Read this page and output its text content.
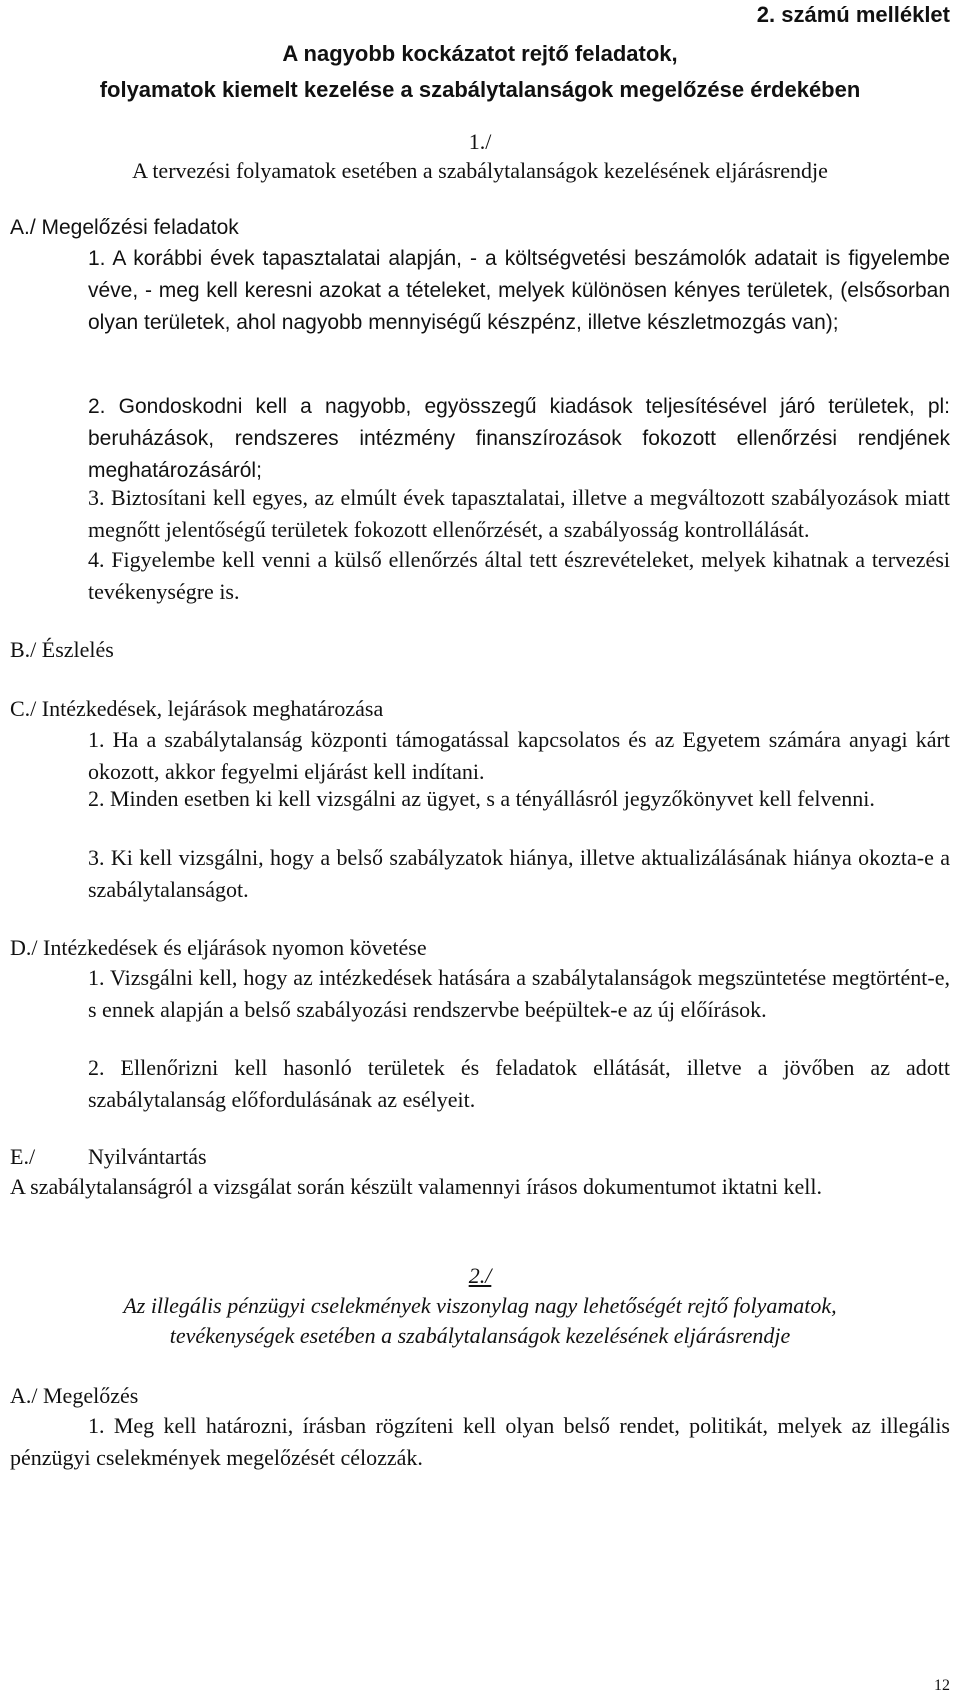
2. számú melléklet
A nagyobb kockázatot rejtő feladatok,
folyamatok kiemelt kezelése a szabálytalanságok megelőzése érdekében
1./
A tervezési folyamatok esetében a szabálytalanságok kezelésének eljárásrendje
A./ Megelőzési feladatok
1. A korábbi évek tapasztalatai alapján, - a költségvetési beszámolók adatait is figyelembe véve, - meg kell keresni azokat a tételeket, melyek különösen kényes területek, (elsősorban olyan területek, ahol nagyobb mennyiségű készpénz, illetve készletmozgás van);
2. Gondoskodni kell a nagyobb, egyösszegű kiadások teljesítésével járó területek, pl: beruházások, rendszeres intézmény finanszírozások fokozott ellenőrzési rendjének meghatározásáról;
3. Biztosítani kell egyes, az elmúlt évek tapasztalatai, illetve a megváltozott szabályozások miatt megnőtt jelentőségű területek fokozott ellenőrzését, a szabályosság kontrollálását.
4. Figyelembe kell venni a külső ellenőrzés által tett észrevételeket, melyek kihatnak a tervezési tevékenységre is.
B./ Észlelés
C./ Intézkedések, lejárások meghatározása
1. Ha a szabálytalanság központi támogatással kapcsolatos és az Egyetem számára anyagi kárt okozott, akkor fegyelmi eljárást kell indítani.
2. Minden esetben ki kell vizsgálni az ügyet, s a tényállásról jegyzőkönyvet kell felvenni.
3. Ki kell vizsgálni, hogy a belső szabályzatok hiánya, illetve aktualizálásának hiánya okozta-e a szabálytalanságot.
D./ Intézkedések és eljárások nyomon követése
1. Vizsgálni kell, hogy az intézkedések hatására a szabálytalanságok megszüntetése megtörtént-e, s ennek alapján a belső szabályozási rendszervbe beépültek-e az új előírások.
2. Ellenőrizni kell hasonló területek és feladatok ellátását, illetve a jövőben az adott szabálytalanság előfordulásának az esélyeit.
E./ Nyilvántartás
A szabálytalanságról a vizsgálat során készült valamennyi írásos dokumentumot iktatni kell.
2./
Az illegális pénzügyi cselekmények viszonylag nagy lehetőségét rejtő folyamatok,
tevékenységek esetében a szabálytalanságok kezelésének eljárásrendje
A./ Megelőzés
1. Meg kell határozni, írásban rögzíteni kell olyan belső rendet, politikát, melyek az illegális pénzügyi cselekmények megelőzését célozzák.
12
